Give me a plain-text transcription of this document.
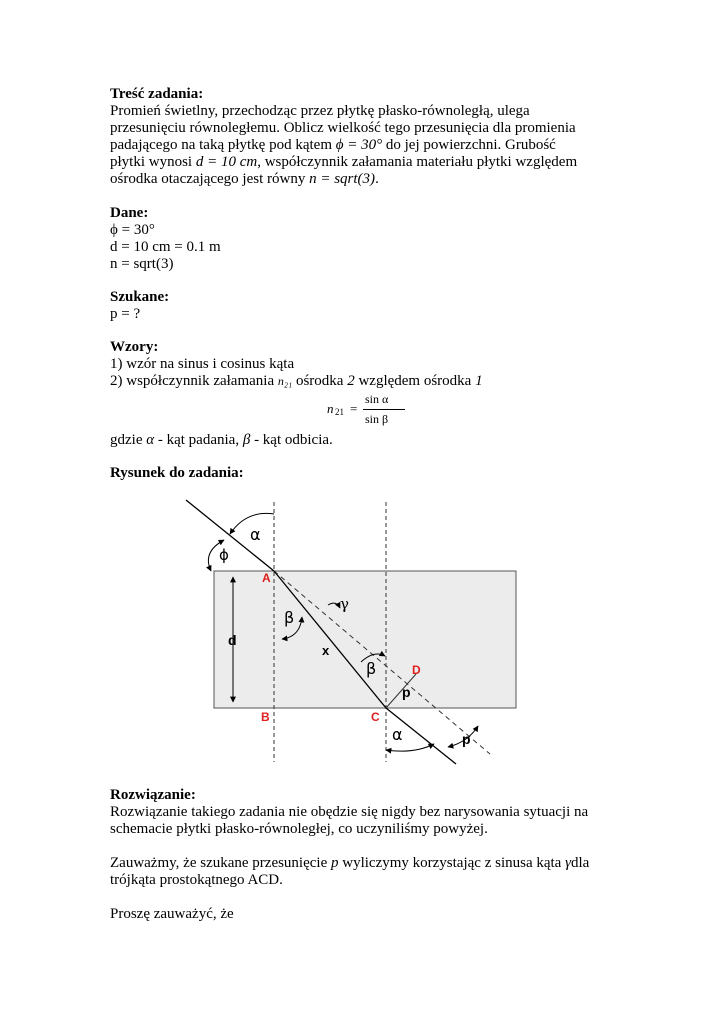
Treść zadania:
Promień świetlny, przechodząc przez płytkę płasko-równoległą, ulega
przesunięciu równoległemu. Oblicz wielkość tego przesunięcia dla promienia
padającego na taką płytkę pod kątem ϕ = 30° do jej powierzchni. Grubość
płytki wynosi d = 10 cm, współczynnik załamania materiału płytki względem
ośrodka otaczającego jest równy n = sqrt(3).
Dane:
ϕ = 30°
d = 10 cm = 0.1 m
n = sqrt(3)
Szukane:
p = ?
Wzory:
1) wzór na sinus i cosinus kąta
2) współczynnik załamania n₂₁ ośrodka 2 względem ośrodka 1
n 21 =
sin α
sin β
gdzie α - kąt padania, β - kąt odbicia.
Rysunek do zadania:
α
ϕ
A
γ
β
d
x
β	D
p
B	C
α	p
Rozwiązanie:
Rozwiązanie takiego zadania nie obędzie się nigdy bez narysowania sytuacji na
schemacie płytki płasko-równoległej, co uczyniliśmy powyżej.
Zauważmy, że szukane przesunięcie p wyliczymy korzystając z sinusa kąta γdla
trójkąta prostokątnego ACD.
Proszę zauważyć, że
